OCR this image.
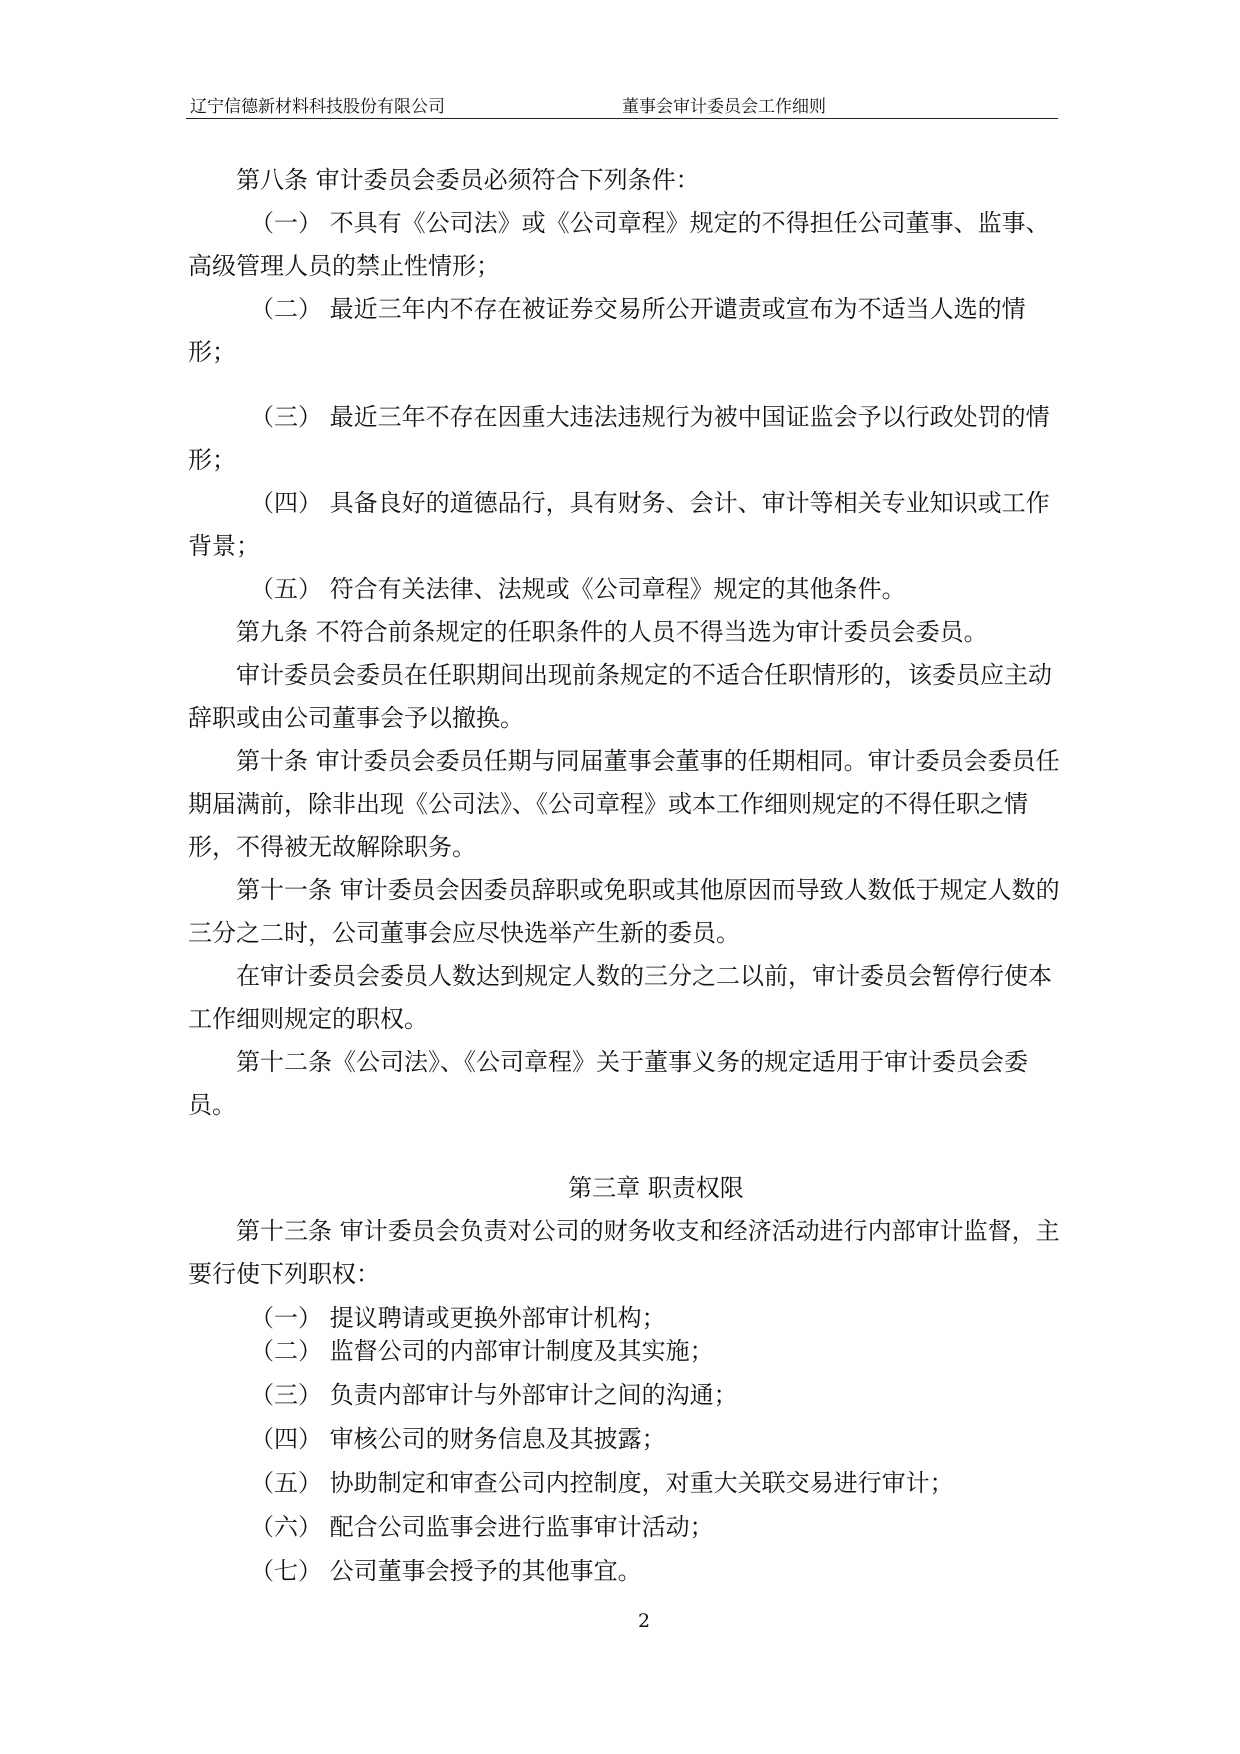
辽宁信德新材料科技股份有限公司	董事会审计委员会工作细则

第八条 审计委员会委员必须符合下列条件：

（一） 不具有《公司法》或《公司章程》规定的不得担任公司董事、监事、高级管理人员的禁止性情形；

（二） 最近三年内不存在被证券交易所公开谴责或宣布为不适当人选的情形；

（三） 最近三年不存在因重大违法违规行为被中国证监会予以行政处罚的情形；

（四） 具备良好的道德品行，具有财务、会计、审计等相关专业知识或工作背景；

（五） 符合有关法律、法规或《公司章程》规定的其他条件。

第九条 不符合前条规定的任职条件的人员不得当选为审计委员会委员。

审计委员会委员在任职期间出现前条规定的不适合任职情形的，该委员应主动辞职或由公司董事会予以撤换。

第十条 审计委员会委员任期与同届董事会董事的任期相同。审计委员会委员任期届满前，除非出现《公司法》、《公司章程》或本工作细则规定的不得任职之情形，不得被无故解除职务。

第十一条 审计委员会因委员辞职或免职或其他原因而导致人数低于规定人数的三分之二时，公司董事会应尽快选举产生新的委员。

在审计委员会委员人数达到规定人数的三分之二以前，审计委员会暂停行使本工作细则规定的职权。

第十二条《公司法》、《公司章程》关于董事义务的规定适用于审计委员会委员。

第三章 职责权限

第十三条 审计委员会负责对公司的财务收支和经济活动进行内部审计监督，主要行使下列职权：

（一） 提议聘请或更换外部审计机构；

（二） 监督公司的内部审计制度及其实施；

（三） 负责内部审计与外部审计之间的沟通；

（四） 审核公司的财务信息及其披露；

（五） 协助制定和审查公司内控制度，对重大关联交易进行审计；

（六） 配合公司监事会进行监事审计活动；

（七） 公司董事会授予的其他事宜。

2
